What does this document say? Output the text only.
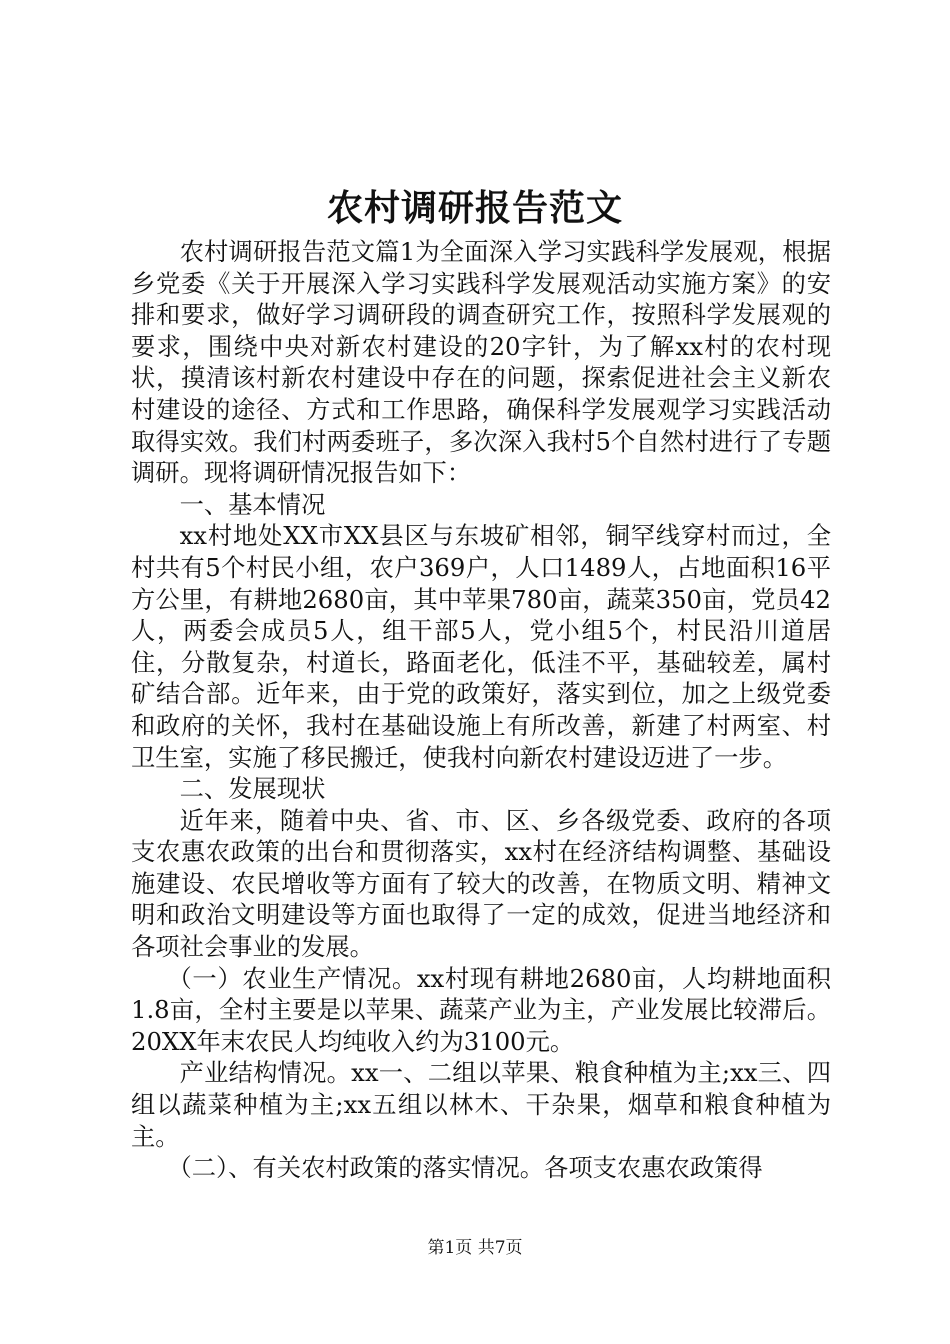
农村调研报告范文

农村调研报告范文篇1为全面深入学习实践科学发展观，根据乡党委《关于开展深入学习实践科学发展观活动实施方案》的安排和要求，做好学习调研段的调查研究工作，按照科学发展观的要求，围绕中央对新农村建设的20字针，为了解xx村的农村现状，摸清该村新农村建设中存在的问题，探索促进社会主义新农村建设的途径、方式和工作思路，确保科学发展观学习实践活动取得实效。我们村两委班子，多次深入我村5个自然村进行了专题调研。现将调研情况报告如下：

一、基本情况

xx村地处XX市XX县区与东坡矿相邻，铜罕线穿村而过，全村共有5个村民小组，农户369户，人口1489人，占地面积16平方公里，有耕地2680亩，其中苹果780亩，蔬菜350亩，党员42人，两委会成员5人，组干部5人，党小组5个，村民沿川道居住，分散复杂，村道长，路面老化，低洼不平，基础较差，属村矿结合部。近年来，由于党的政策好，落实到位，加之上级党委和政府的关怀，我村在基础设施上有所改善，新建了村两室、村卫生室，实施了移民搬迁，使我村向新农村建设迈进了一步。

二、发展现状

近年来，随着中央、省、市、区、乡各级党委、政府的各项支农惠农政策的出台和贯彻落实，xx村在经济结构调整、基础设施建设、农民增收等方面有了较大的改善，在物质文明、精神文明和政治文明建设等方面也取得了一定的成效，促进当地经济和各项社会事业的发展。

（一）农业生产情况。xx村现有耕地2680亩，人均耕地面积1.8亩，全村主要是以苹果、蔬菜产业为主，产业发展比较滞后。20XX年末农民人均纯收入约为3100元。

产业结构情况。xx一、二组以苹果、粮食种植为主;xx三、四组以蔬菜种植为主;xx五组以林木、干杂果，烟草和粮食种植为主。

（二）、有关农村政策的落实情况。各项支农惠农政策得

第1页 共7页
